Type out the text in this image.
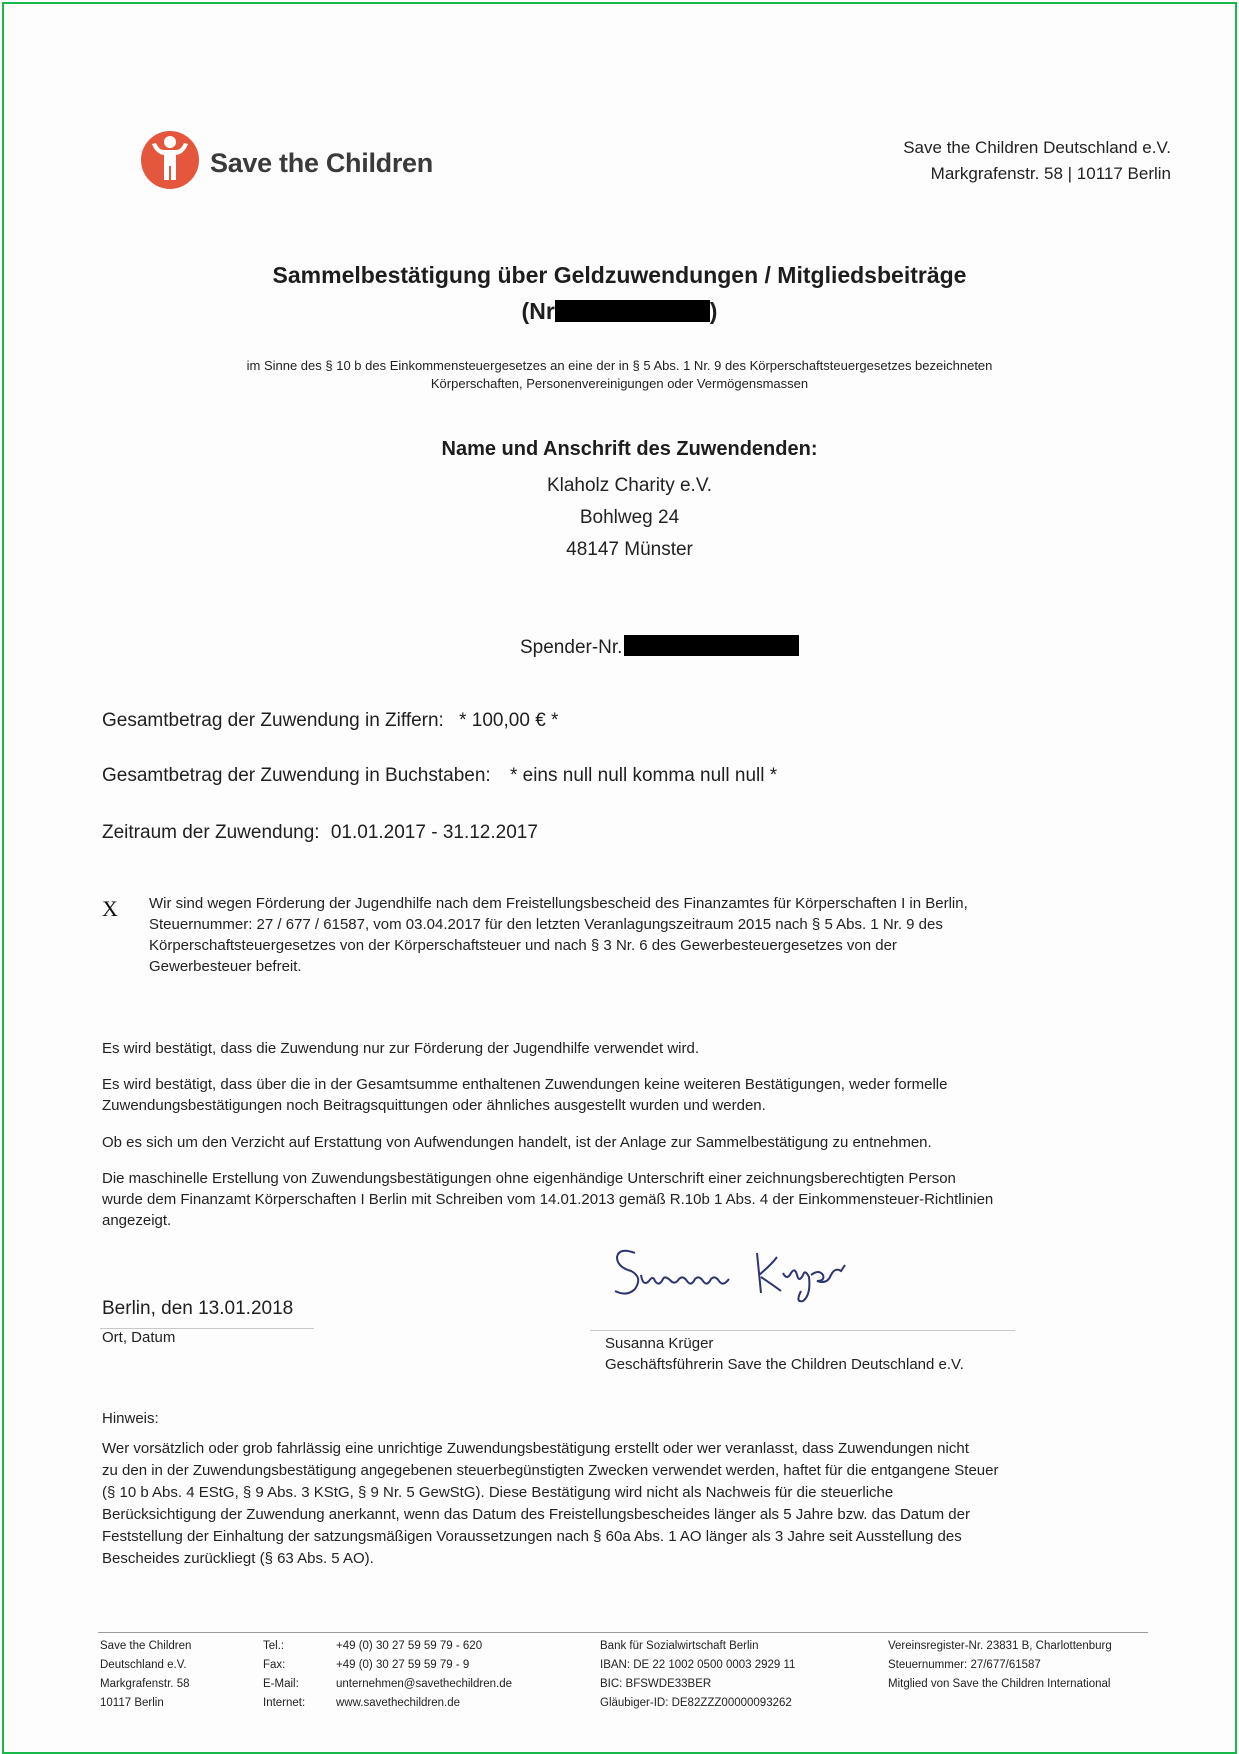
Save the Children
Save the Children Deutschland e.V.
Markgrafenstr. 58 | 10117 Berlin
Sammelbestätigung über Geldzuwendungen / Mitgliedsbeiträge
(Nr	)
im Sinne des § 10 b des Einkommensteuergesetzes an eine der in § 5 Abs. 1 Nr. 9 des Körperschaftsteuergesetzes bezeichneten
Körperschaften, Personenvereinigungen oder Vermögensmassen
Name und Anschrift des Zuwendenden:
Klaholz Charity e.V.
Bohlweg 24
48147 Münster
Spender-Nr.
Gesamtbetrag der Zuwendung in Ziffern: * 100,00 € *
Gesamtbetrag der Zuwendung in Buchstaben: * eins null null komma null null *
Zeitraum der Zuwendung: 01.01.2017 - 31.12.2017
X Wir sind wegen Förderung der Jugendhilfe nach dem Freistellungsbescheid des Finanzamtes für Körperschaften I in Berlin,
Steuernummer: 27 / 677 / 61587, vom 03.04.2017 für den letzten Veranlagungszeitraum 2015 nach § 5 Abs. 1 Nr. 9 des
Körperschaftsteuergesetzes von der Körperschaftsteuer und nach § 3 Nr. 6 des Gewerbesteuergesetzes von der
Gewerbesteuer befreit.
Es wird bestätigt, dass die Zuwendung nur zur Förderung der Jugendhilfe verwendet wird.
Es wird bestätigt, dass über die in der Gesamtsumme enthaltenen Zuwendungen keine weiteren Bestätigungen, weder formelle
Zuwendungsbestätigungen noch Beitragsquittungen oder ähnliches ausgestellt wurden und werden.
Ob es sich um den Verzicht auf Erstattung von Aufwendungen handelt, ist der Anlage zur Sammelbestätigung zu entnehmen.
Die maschinelle Erstellung von Zuwendungsbestätigungen ohne eigenhändige Unterschrift einer zeichnungsberechtigten Person
wurde dem Finanzamt Körperschaften I Berlin mit Schreiben vom 14.01.2013 gemäß R.10b 1 Abs. 4 der Einkommensteuer-Richtlinien
angezeigt.
Berlin, den 13.01.2018
Ort, Datum	Susanna Krüger
Geschäftsführerin Save the Children Deutschland e.V.
Hinweis:
Wer vorsätzlich oder grob fahrlässig eine unrichtige Zuwendungsbestätigung erstellt oder wer veranlasst, dass Zuwendungen nicht
zu den in der Zuwendungsbestätigung angegebenen steuerbegünstigten Zwecken verwendet werden, haftet für die entgangene Steuer
(§ 10 b Abs. 4 EStG, § 9 Abs. 3 KStG, § 9 Nr. 5 GewStG). Diese Bestätigung wird nicht als Nachweis für die steuerliche
Berücksichtigung der Zuwendung anerkannt, wenn das Datum des Freistellungsbescheides länger als 5 Jahre bzw. das Datum der
Feststellung der Einhaltung der satzungsmäßigen Voraussetzungen nach § 60a Abs. 1 AO länger als 3 Jahre seit Ausstellung des
Bescheides zurückliegt (§ 63 Abs. 5 AO).
Save the Children
Deutschland e.V.
Markgrafenstr. 58
10117 Berlin
Tel.:
Fax:
E-Mail:
Internet:
+49 (0) 30 27 59 59 79 - 620
+49 (0) 30 27 59 59 79 - 9
unternehmen@savethechildren.de
www.savethechildren.de
Bank für Sozialwirtschaft Berlin
IBAN: DE 22 1002 0500 0003 2929 11
BIC: BFSWDE33BER
Gläubiger-ID: DE82ZZZ00000093262
Vereinsregister-Nr. 23831 B, Charlottenburg
Steuernummer: 27/677/61587
Mitglied von Save the Children International
